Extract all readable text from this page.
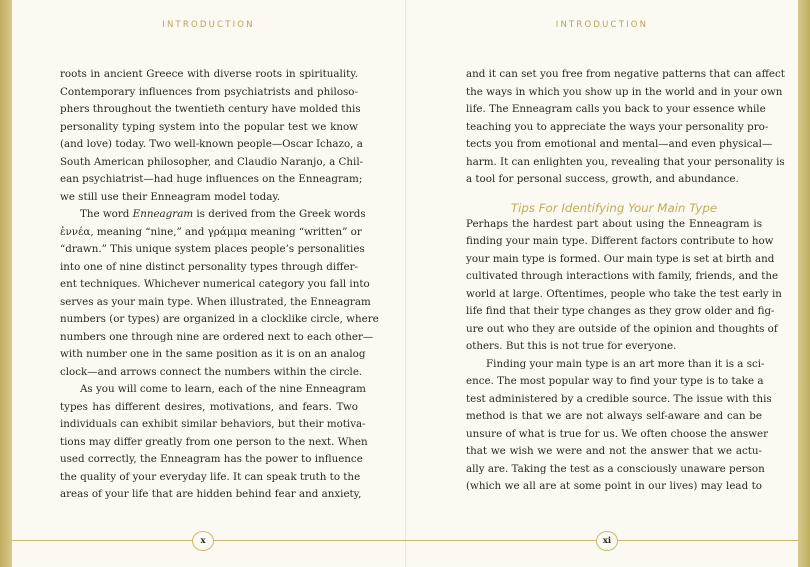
INTRODUCTION
roots in ancient Greece with diverse roots in spirituality.
Contemporary influences from psychiatrists and philoso-
phers throughout the twentieth century have molded this
personality typing system into the popular test we know
(and love) today. Two well-known people—Oscar Ichazo, a
South American philosopher, and Claudio Naranjo, a Chil-
ean psychiatrist—had huge influences on the Enneagram;
we still use their Enneagram model today.
The word Enneagram is derived from the Greek words
ἐννέα, meaning “nine,” and γράμμα meaning “written” or
“drawn.” This unique system places people’s personalities
into one of nine distinct personality types through differ-
ent techniques. Whichever numerical category you fall into
serves as your main type. When illustrated, the Enneagram
numbers (or types) are organized in a clocklike circle, where
numbers one through nine are ordered next to each other—
with number one in the same position as it is on an analog
clock—and arrows connect the numbers within the circle.
As you will come to learn, each of the nine Enneagram
types has different desires, motivations, and fears. Two
individuals can exhibit similar behaviors, but their motiva-
tions may differ greatly from one person to the next. When
used correctly, the Enneagram has the power to influence
the quality of your everyday life. It can speak truth to the
areas of your life that are hidden behind fear and anxiety,
INTRODUCTION
and it can set you free from negative patterns that can affect
the ways in which you show up in the world and in your own
life. The Enneagram calls you back to your essence while
teaching you to appreciate the ways your personality pro-
tects you from emotional and mental—and even physical—
harm. It can enlighten you, revealing that your personality is
a tool for personal success, growth, and abundance.
Tips For Identifying Your Main Type
Perhaps the hardest part about using the Enneagram is
finding your main type. Different factors contribute to how
your main type is formed. Our main type is set at birth and
cultivated through interactions with family, friends, and the
world at large. Oftentimes, people who take the test early in
life find that their type changes as they grow older and fig-
ure out who they are outside of the opinion and thoughts of
others. But this is not true for everyone.
Finding your main type is an art more than it is a sci-
ence. The most popular way to find your type is to take a
test administered by a credible source. The issue with this
method is that we are not always self-aware and can be
unsure of what is true for us. We often choose the answer
that we wish we were and not the answer that we actu-
ally are. Taking the test as a consciously unaware person
(which we all are at some point in our lives) may lead to
x	xi
